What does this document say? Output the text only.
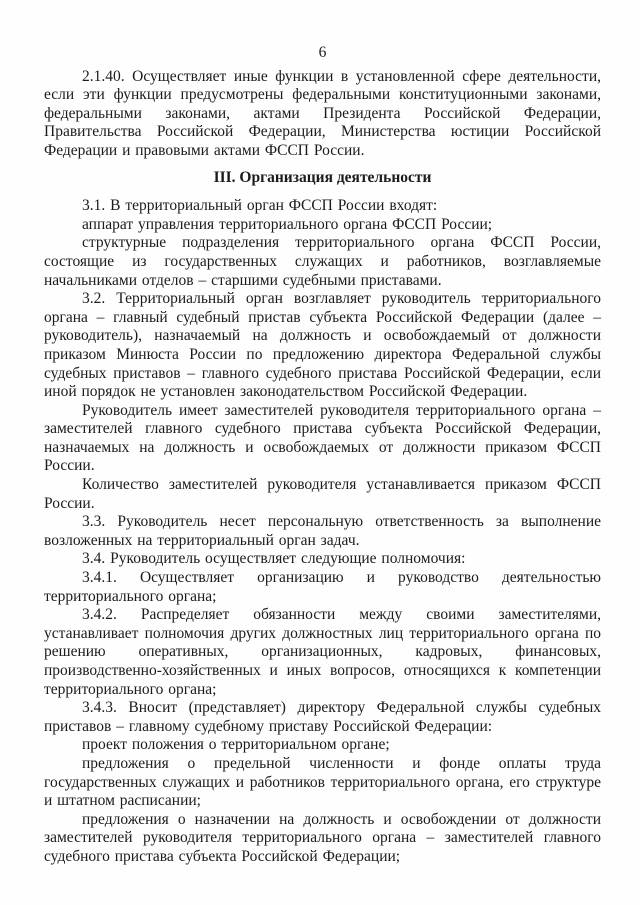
6

2.1.40. Осуществляет иные функции в установленной сфере деятельности, если эти функции предусмотрены федеральными конституционными законами, федеральными законами, актами Президента Российской Федерации, Правительства Российской Федерации, Министерства юстиции Российской Федерации и правовыми актами ФССП России.

III. Организация деятельности

3.1. В территориальный орган ФССП России входят:

аппарат управления территориального органа ФССП России;

структурные подразделения территориального органа ФССП России, состоящие из государственных служащих и работников, возглавляемые начальниками отделов – старшими судебными приставами.

3.2. Территориальный орган возглавляет руководитель территориального органа – главный судебный пристав субъекта Российской Федерации (далее – руководитель), назначаемый на должность и освобождаемый от должности приказом Минюста России по предложению директора Федеральной службы судебных приставов – главного судебного пристава Российской Федерации, если иной порядок не установлен законодательством Российской Федерации.

Руководитель имеет заместителей руководителя территориального органа – заместителей главного судебного пристава субъекта Российской Федерации, назначаемых на должность и освобождаемых от должности приказом ФССП России.

Количество заместителей руководителя устанавливается приказом ФССП России.

3.3. Руководитель несет персональную ответственность за выполнение возложенных на территориальный орган задач.

3.4. Руководитель осуществляет следующие полномочия:

3.4.1. Осуществляет организацию и руководство деятельностью территориального органа;

3.4.2. Распределяет обязанности между своими заместителями, устанавливает полномочия других должностных лиц территориального органа по решению оперативных, организационных, кадровых, финансовых, производственно-хозяйственных и иных вопросов, относящихся к компетенции территориального органа;

3.4.3. Вносит (представляет) директору Федеральной службы судебных приставов – главному судебному приставу Российской Федерации:

проект положения о территориальном органе;

предложения о предельной численности и фонде оплаты труда государственных служащих и работников территориального органа, его структуре и штатном расписании;

предложения о назначении на должность и освобождении от должности заместителей руководителя территориального органа – заместителей главного судебного пристава субъекта Российской Федерации;
